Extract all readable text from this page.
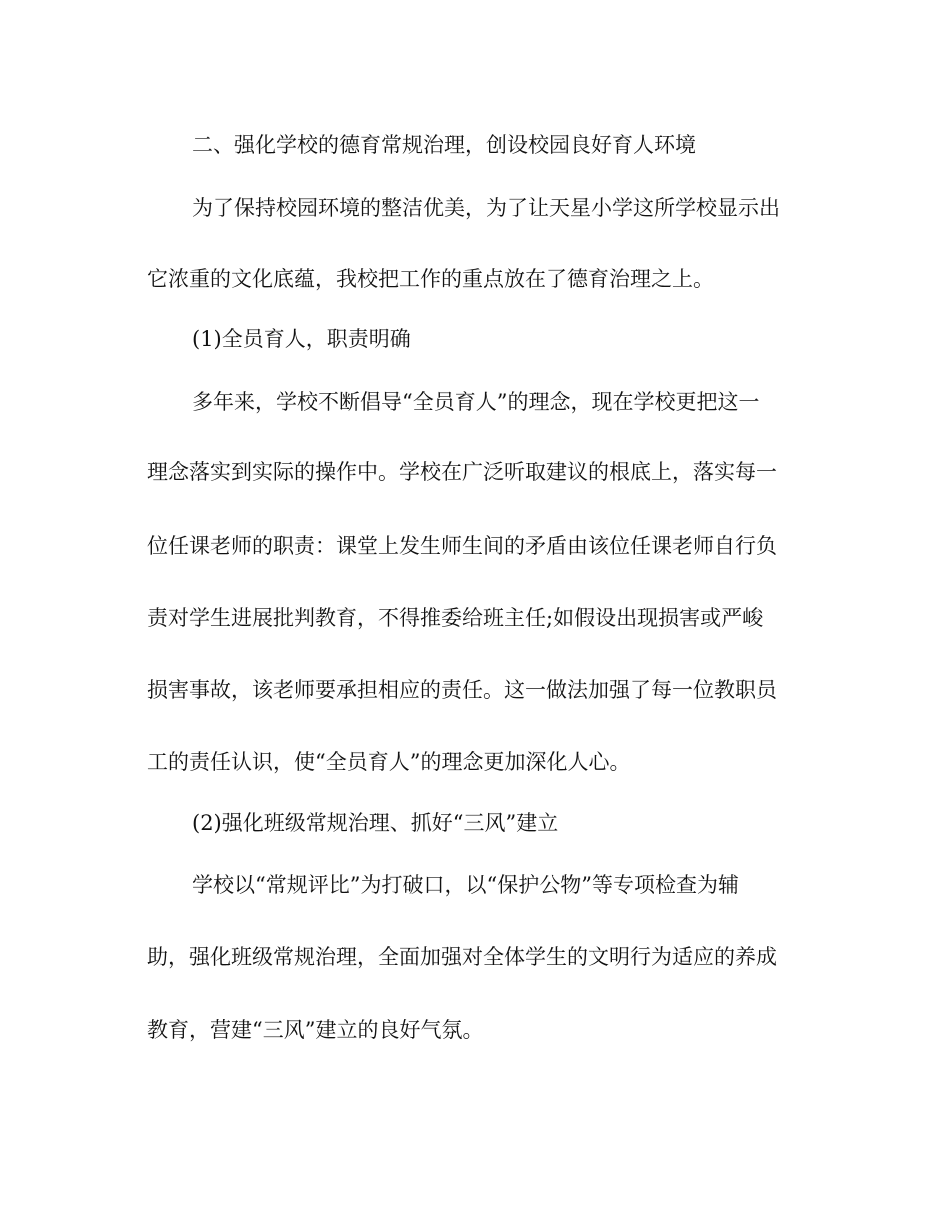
二、强化学校的德育常规治理，创设校园良好育人环境
为了保持校园环境的整洁优美，为了让天星小学这所学校显示出
它浓重的文化底蕴，我校把工作的重点放在了德育治理之上。
(1)全员育人，职责明确
多年来，学校不断倡导“全员育人”的理念，现在学校更把这一
理念落实到实际的操作中。学校在广泛听取建议的根底上，落实每一
位任课老师的职责：课堂上发生师生间的矛盾由该位任课老师自行负
责对学生进展批判教育，不得推委给班主任;如假设出现损害或严峻
损害事故，该老师要承担相应的责任。这一做法加强了每一位教职员
工的责任认识，使“全员育人”的理念更加深化人心。
(2)强化班级常规治理、抓好“三风”建立
学校以“常规评比”为打破口，以“保护公物”等专项检查为辅
助，强化班级常规治理，全面加强对全体学生的文明行为适应的养成
教育，营建“三风”建立的良好气氛。
